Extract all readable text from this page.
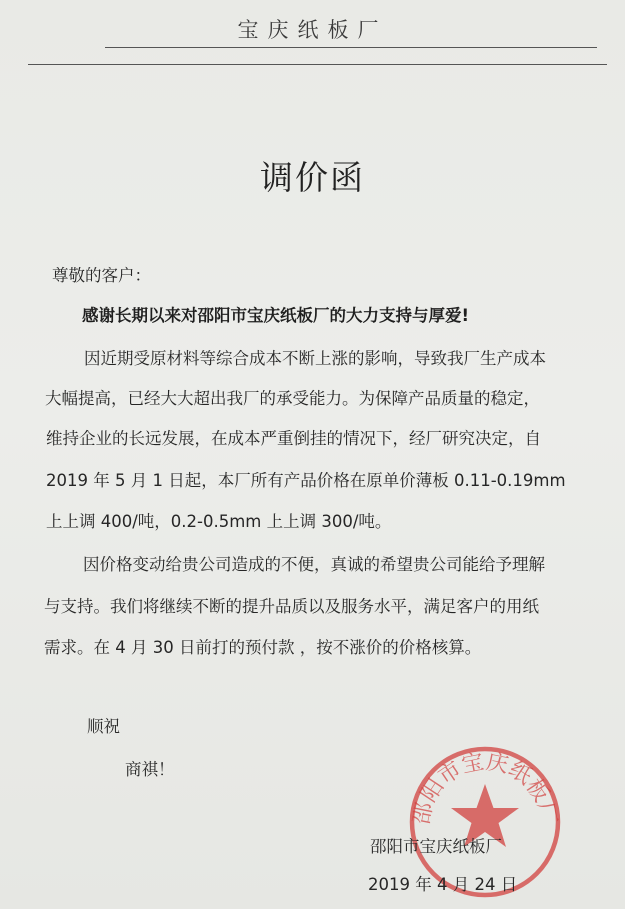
宝庆纸板厂
调价函
尊敬的客户：
感谢长期以来对邵阳市宝庆纸板厂的大力支持与厚爱!
因近期受原材料等综合成本不断上涨的影响，导致我厂生产成本
大幅提高，已经大大超出我厂的承受能力。为保障产品质量的稳定，
维持企业的长远发展，在成本严重倒挂的情况下，经厂研究决定，自
2019 年 5 月 1 日起，本厂所有产品价格在原单价薄板 0.11-0.19mm
上上调 400/吨，0.2-0.5mm 上上调 300/吨。
因价格变动给贵公司造成的不便，真诚的希望贵公司能给予理解
与支持。我们将继续不断的提升品质以及服务水平，满足客户的用纸
需求。在 4 月 30 日前打的预付款 ，按不涨价的价格核算。
顺祝
商祺！
邵阳市宝庆纸板厂
邵阳市宝庆纸板厂
2019 年 4 月 24 日
